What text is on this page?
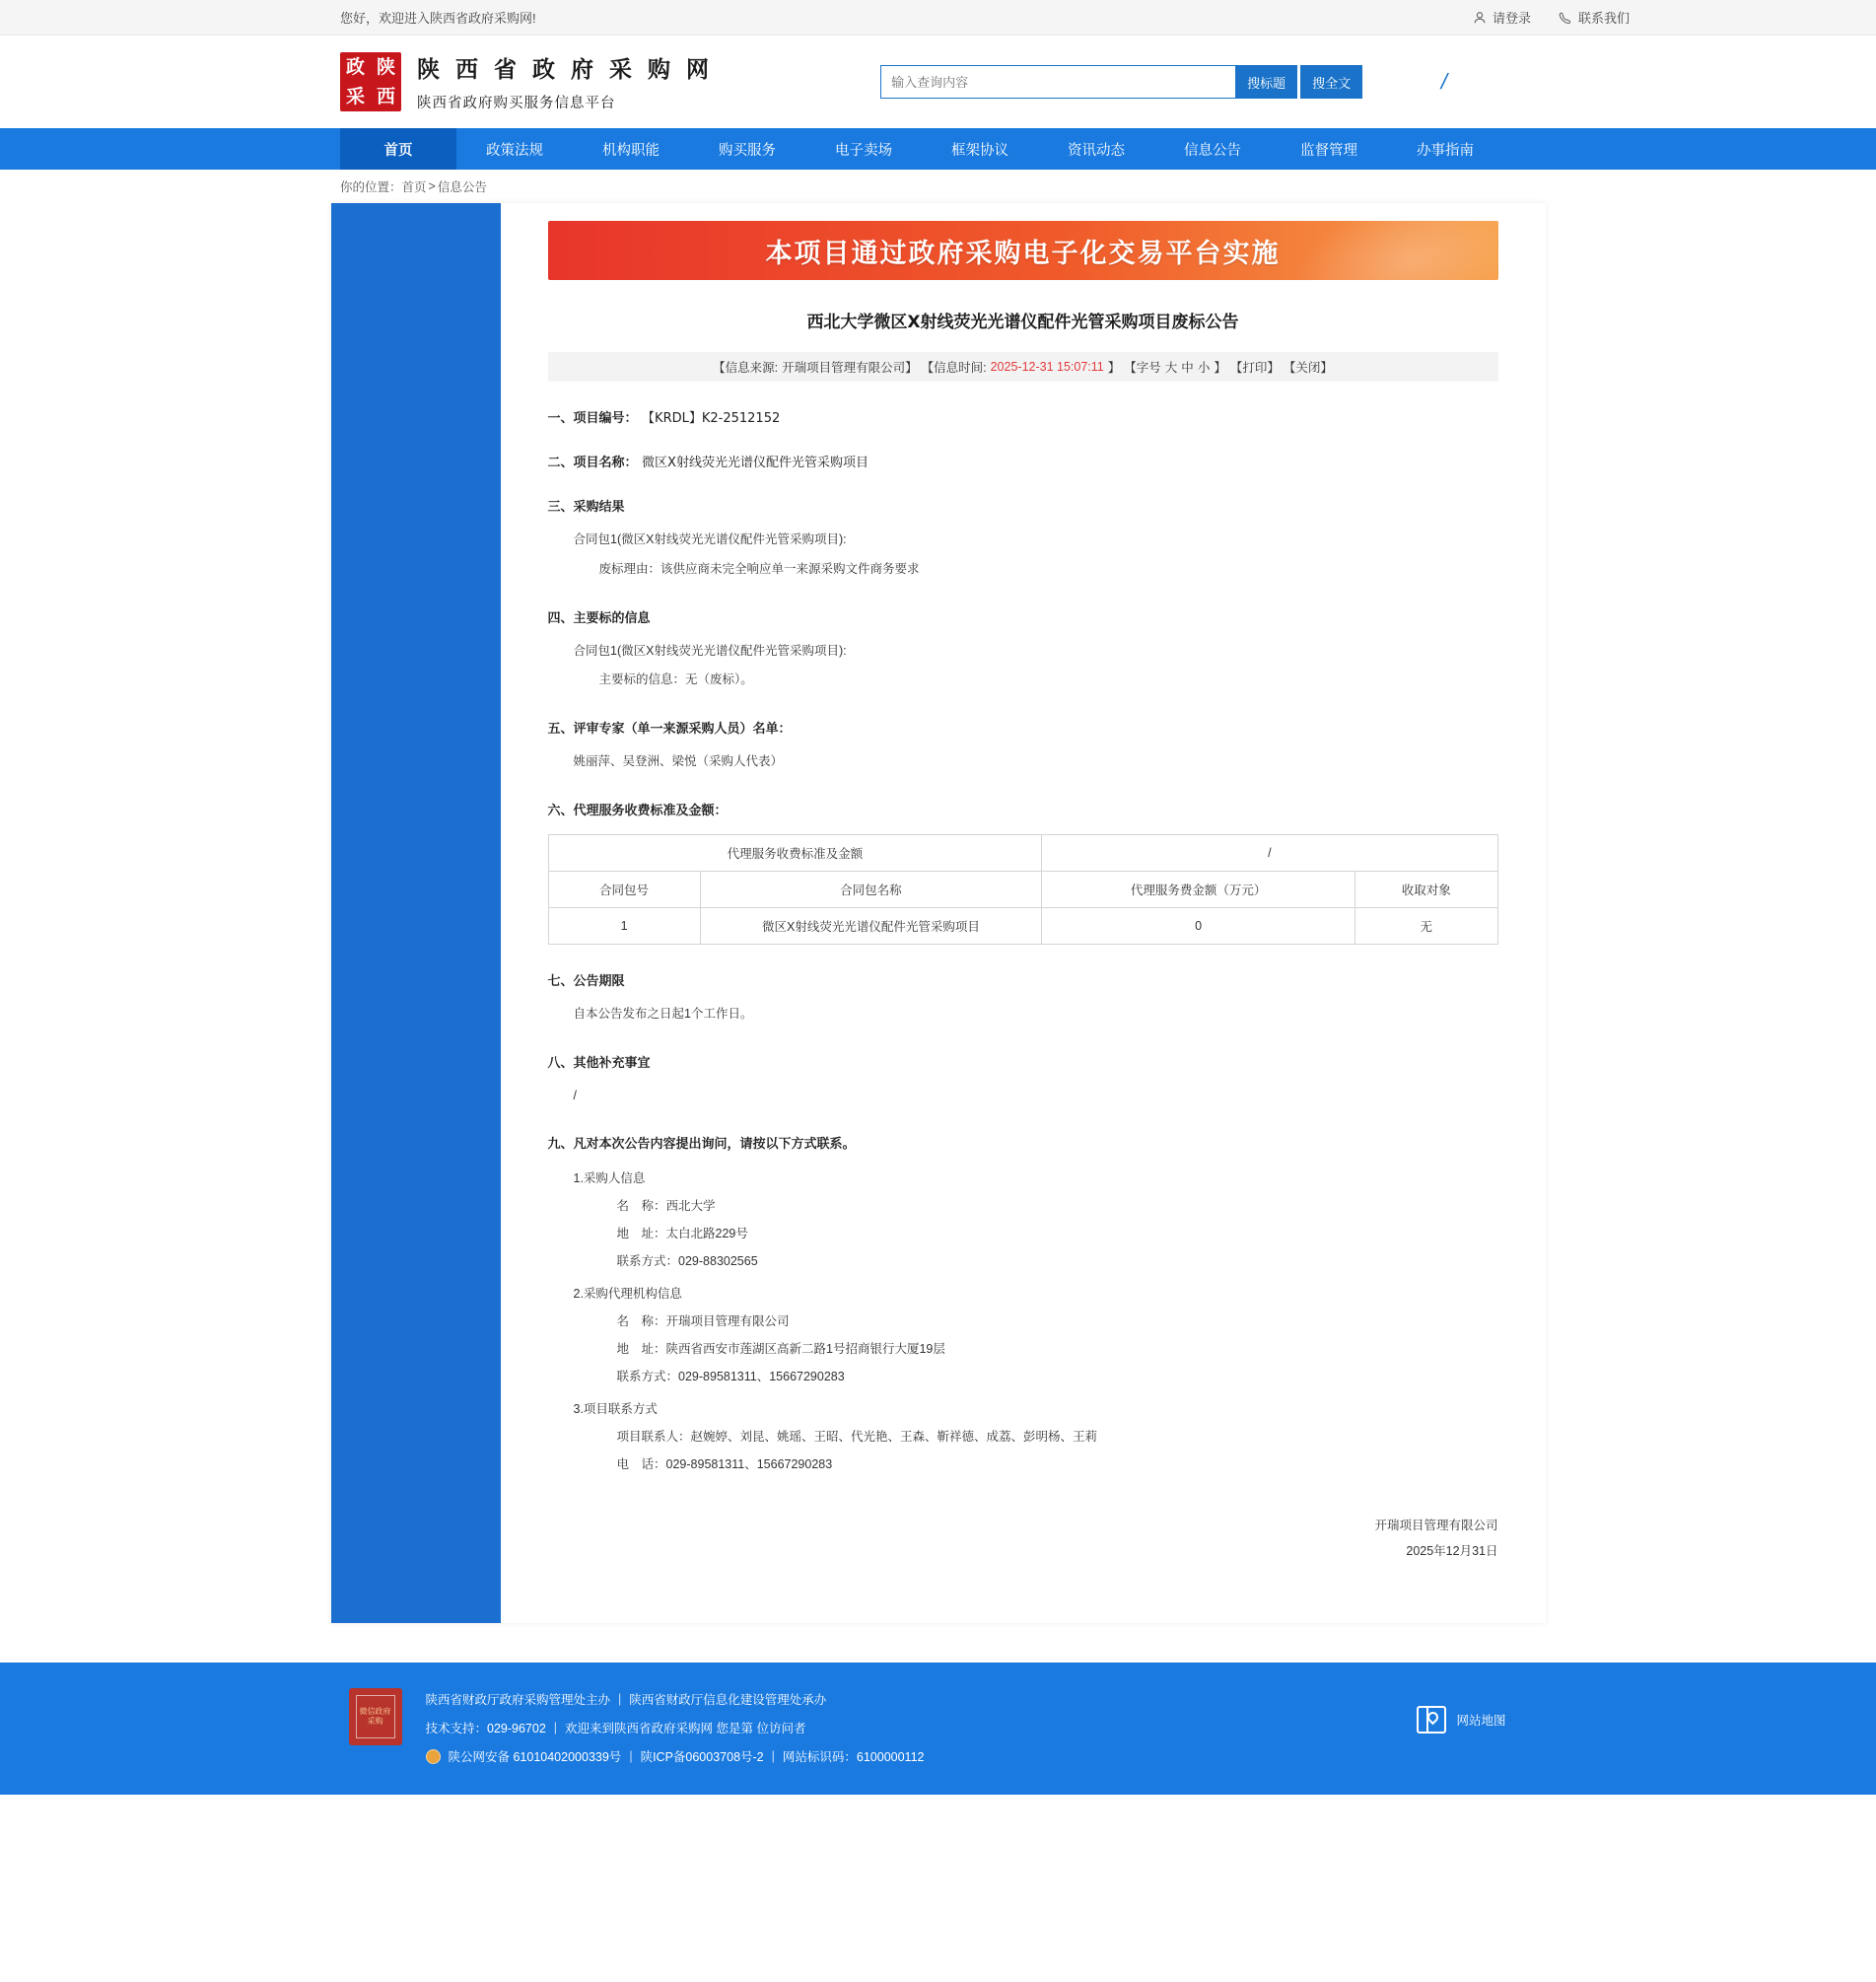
您好，欢迎进入陕西省政府采购网!	请登录	联系我们
政 陕
采 西
陕 西 省 政 府 采 购 网
陕西省政府购买服务信息平台
输入查询内容
搜标题	搜全文	/
首页	政策法规	机构职能	购买服务	电子卖场	框架协议	资讯动态	信息公告	监督管理	办事指南
你的位置： 首页 > 信息公告
本项目通过政府采购电子化交易平台实施
西北大学微区X射线荧光光谱仪配件光管采购项目废标公告
【信息来源: 开瑞项目管理有限公司】 【信息时间: 2025-12-31 15:07:11 】 【字号 大 中 小 】 【打印】 【关闭】
一、项目编号： 【KRDL】K2-2512152
二、项目名称： 微区X射线荧光光谱仪配件光管采购项目
三、采购结果
合同包1(微区X射线荧光光谱仪配件光管采购项目):
废标理由：该供应商未完全响应单一来源采购文件商务要求
四、主要标的信息
合同包1(微区X射线荧光光谱仪配件光管采购项目):
主要标的信息：无（废标）。
五、评审专家（单一来源采购人员）名单：
姚丽萍、吴登洲、梁悦（采购人代表）
六、代理服务收费标准及金额：
代理服务收费标准及金额		/	
合同包号	合同包名称	代理服务费金额（万元）	收取对象
1	微区X射线荧光光谱仪配件光管采购项目	0	无
七、公告期限
自本公告发布之日起1个工作日。
八、其他补充事宜
/
九、凡对本次公告内容提出询问，请按以下方式联系。
1.采购人信息
名　称：西北大学
地　址：太白北路229号
联系方式：029-88302565
2.采购代理机构信息
名　称：开瑞项目管理有限公司
地　址：陕西省西安市莲湖区高新二路1号招商银行大厦19层
联系方式：029-89581311、15667290283
3.项目联系方式
项目联系人：赵婉婷、刘昆、姚瑶、王昭、代光艳、王森、靳祥德、成荔、彭明杨、王莉
电　话：029-89581311、15667290283
开瑞项目管理有限公司
2025年12月31日
微信政府采购
陕西省财政厅政府采购管理处主办 | 陕西省财政厅信息化建设管理处承办
技术支持：029-96702 | 欢迎来到陕西省政府采购网 您是第 位访问者
陕公网安备 61010402000339号 | 陕ICP备06003708号-2 | 网站标识码：6100000112
网站地图
